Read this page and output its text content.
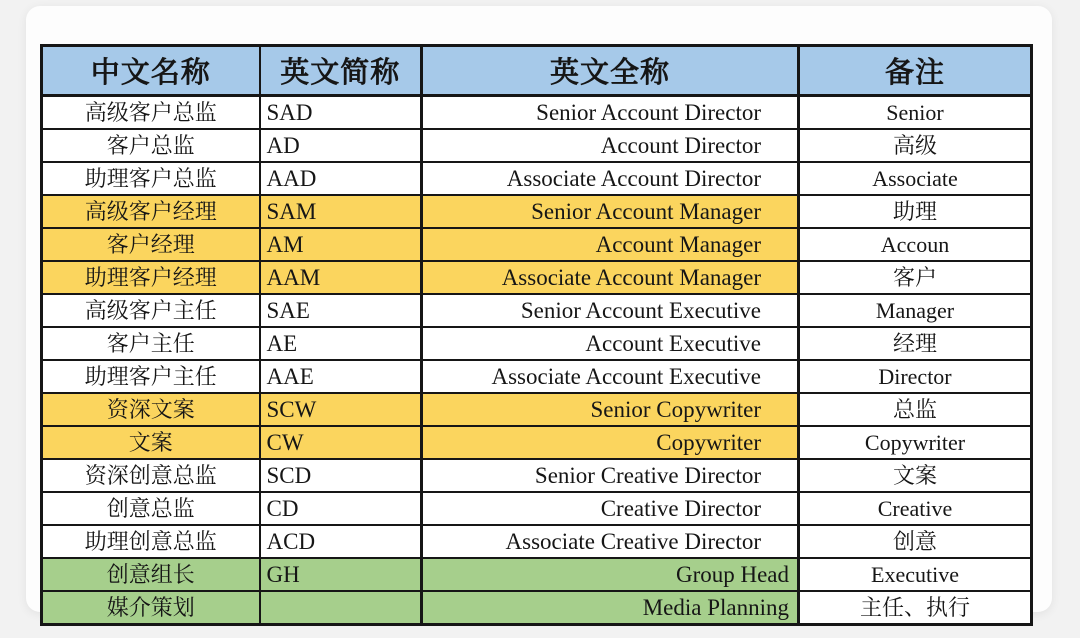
中文名称	英文简称	英文全称	备注
高级客户总监	SAD	Senior Account Director	Senior
客户总监	AD	Account Director	高级
助理客户总监	AAD	Associate Account Director	Associate
高级客户经理	SAM	Senior Account Manager	助理
客户经理	AM	Account Manager	Accoun
助理客户经理	AAM	Associate Account Manager	客户
高级客户主任	SAE	Senior Account Executive	Manager
客户主任	AE	Account Executive	经理
助理客户主任	AAE	Associate Account Executive	Director
资深文案	SCW	Senior Copywriter	总监
文案	CW	Copywriter	Copywriter
资深创意总监	SCD	Senior Creative Director	文案
创意总监	CD	Creative Director	Creative
助理创意总监	ACD	Associate Creative Director	创意
创意组长	GH	Group Head	Executive
媒介策划		Media Planning	主任、执行
